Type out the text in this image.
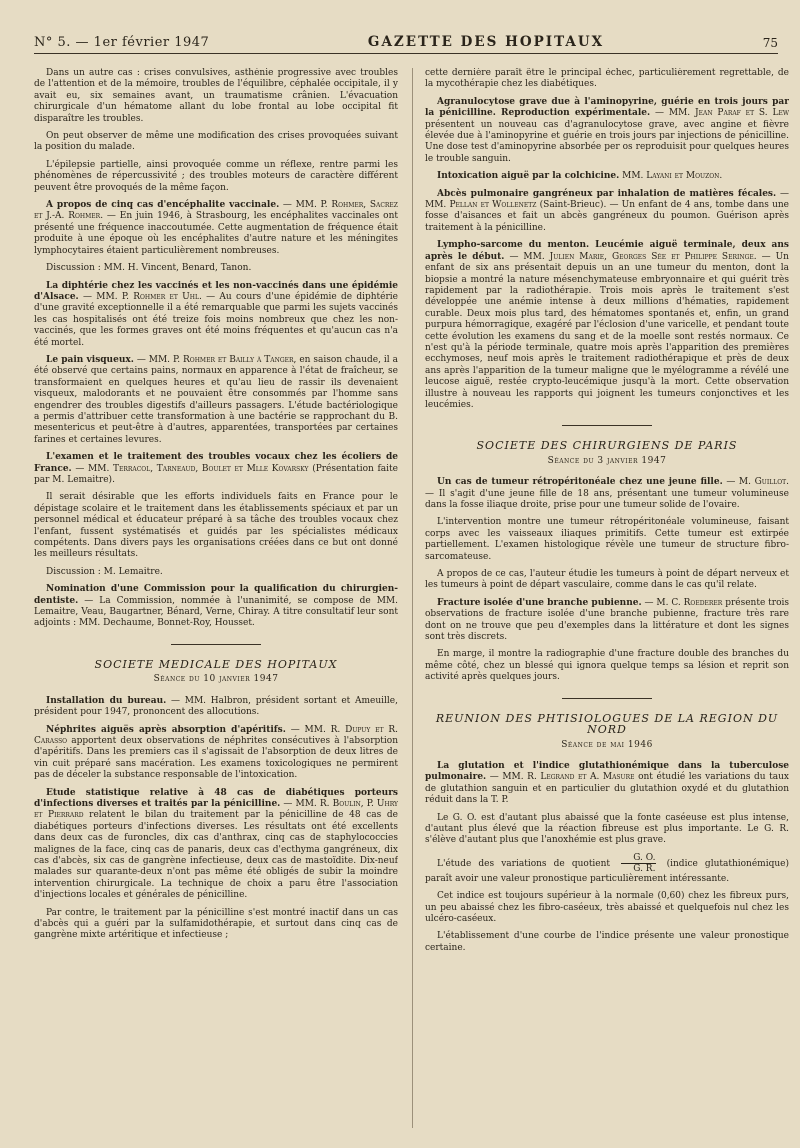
N° 5. — 1er février 1947	GAZETTE DES HOPITAUX	75

Dans un autre cas : crises convulsives, asthénie progressive avec troubles de l'attention et de la mémoire, troubles de l'équilibre, céphalée occipitale, il y avait eu, six semaines avant, un traumatisme crânien. L'évacuation chirurgicale d'un hématome allant du lobe frontal au lobe occipital fit disparaître les troubles.

On peut observer de même une modification des crises provoquées suivant la position du malade.

L'épilepsie partielle, ainsi provoquée comme un réflexe, rentre parmi les phénomènes de répercussivité ; des troubles moteurs de caractère différent peuvent être provoqués de la même façon.

A propos de cinq cas d'encéphalite vaccinale. — MM. P. Rohmer, Sacrez et J.-A. Rohmer. — En juin 1946, à Strasbourg, les encéphalites vaccinales ont présenté une fréquence inaccoutumée. Cette augmentation de fréquence était produite à une époque où les encéphalites d'autre nature et les méningites lymphocytaires étaient particulièrement nombreuses.

Discussion : MM. H. Vincent, Benard, Tanon.

La diphtérie chez les vaccinés et les non-vaccinés dans une épidémie d'Alsace. — MM. P. Rohmer et Uhl. — Au cours d'une épidémie de diphtérie d'une gravité exceptionnelle il a été remarquable que parmi les sujets vaccinés les cas hospitalisés ont été treize fois moins nombreux que chez les non-vaccinés, que les formes graves ont été moins fréquentes et qu'aucun cas n'a été mortel.

Le pain visqueux. — MM. P. Rohmer et Bailly à Tanger, en saison chaude, il a été observé que certains pains, normaux en apparence à l'état de fraîcheur, se transformaient en quelques heures et qu'au lieu de rassir ils devenaient visqueux, malodorants et ne pouvaient être consommés par l'homme sans engendrer des troubles digestifs d'ailleurs passagers. L'étude bactériologique a permis d'attribuer cette transformation à une bactérie se rapprochant du B. mesentericus et peut-être à d'autres, apparentées, transportées par certaines farines et certaines levures.

L'examen et le traitement des troubles vocaux chez les écoliers de France. — MM. Terracol, Tarneaud, Boulet et Mlle Kovarsky (Présentation faite par M. Lemaitre).

Il serait désirable que les efforts individuels faits en France pour le dépistage scolaire et le traitement dans les établissements spéciaux et par un personnel médical et éducateur préparé à sa tâche des troubles vocaux chez l'enfant, fussent systématisés et guidés par les spécialistes médicaux compétents. Dans divers pays les organisations créées dans ce but ont donné les meilleurs résultats.

Discussion : M. Lemaitre.

Nomination d'une Commission pour la qualification du chirurgien-dentiste. — La Commission, nommée à l'unanimité, se compose de MM. Lemaitre, Veau, Baugartner, Bénard, Verne, Chiray. A titre consultatif leur sont adjoints : MM. Dechaume, Bonnet-Roy, Housset.

SOCIETE MEDICALE DES HOPITAUX
Séance du 10 janvier 1947

Installation du bureau. — MM. Halbron, président sortant et Ameuille, président pour 1947, prononcent des allocutions.

Néphrites aiguës après absorption d'apéritifs. — MM. R. Dupuy et R. Carasso apportent deux observations de néphrites consécutives à l'absorption d'apéritifs. Dans les premiers cas il s'agissait de l'absorption de deux litres de vin cuit préparé sans macération. Les examens toxicologiques ne permirent pas de déceler la substance responsable de l'intoxication.

Etude statistique relative à 48 cas de diabétiques porteurs d'infections diverses et traités par la pénicilline. — MM. R. Boulin, P. Uhry et Pierrard relatent le bilan du traitement par la pénicilline de 48 cas de diabétiques porteurs d'infections diverses. Les résultats ont été excellents dans deux cas de furoncles, dix cas d'anthrax, cinq cas de staphylococcies malignes de la face, cinq cas de panaris, deux cas d'ecthyma gangréneux, dix cas d'abcès, six cas de gangrène infectieuse, deux cas de mastoïdite. Dix-neuf malades sur quarante-deux n'ont pas même été obligés de subir la moindre intervention chirurgicale. La technique de choix a paru être l'association d'injections locales et générales de pénicilline.

Par contre, le traitement par la pénicilline s'est montré inactif dans un cas d'abcès qui a guéri par la sulfamidothérapie, et surtout dans cinq cas de gangrène mixte artéritique et infectieuse ;

cette dernière paraît être le principal échec, particulièrement regrettable, de la mycothérapie chez les diabétiques.

Agranulocytose grave due à l'aminopyrine, guérie en trois jours par la pénicilline. Reproduction expérimentale. — MM. Jean Paraf et S. Lew présentent un nouveau cas d'agranulocytose grave, avec angine et fièvre élevée due à l'aminopyrine et guérie en trois jours par injections de pénicilline. Une dose test d'aminopyrine absorbée per os reproduisit pour quelques heures le trouble sanguin.

Intoxication aiguë par la colchicine. MM. Layani et Mouzon.

Abcès pulmonaire gangréneux par inhalation de matières fécales. — MM. Pellan et Wollenetz (Saint-Brieuc). — Un enfant de 4 ans, tombe dans une fosse d'aisances et fait un abcès gangréneux du poumon. Guérison après traitement à la pénicilline.

Lympho-sarcome du menton. Leucémie aiguë terminale, deux ans après le début. — MM. Julien Marie, Georges Sée et Philippe Seringe. — Un enfant de six ans présentait depuis un an une tumeur du menton, dont la biopsie a montré la nature mésenchymateuse embryonnaire et qui guérit très rapidement par la radiothérapie. Trois mois après le traitement s'est développée une anémie intense à deux millions d'hématies, rapidement curable. Deux mois plus tard, des hématomes spontanés et, enfin, un grand purpura hémorragique, exagéré par l'éclosion d'une varicelle, et pendant toute cette évolution les examens du sang et de la moelle sont restés normaux. Ce n'est qu'à la période terminale, quatre mois après l'apparition des premières ecchymoses, neuf mois après le traitement radiothérapique et près de deux ans après l'apparition de la tumeur maligne que le myélogramme a révélé une leucose aiguë, restée crypto-leucémique jusqu'à la mort. Cette observation illustre à nouveau les rapports qui joignent les tumeurs conjonctives et les leucémies.

SOCIETE DES CHIRURGIENS DE PARIS
Séance du 3 janvier 1947

Un cas de tumeur rétropéritonéale chez une jeune fille. — M. Guillot. — Il s'agit d'une jeune fille de 18 ans, présentant une tumeur volumineuse dans la fosse iliaque droite, prise pour une tumeur solide de l'ovaire.

L'intervention montre une tumeur rétropéritonéale volumineuse, faisant corps avec les vaisseaux iliaques primitifs. Cette tumeur est extirpée partiellement. L'examen histologique révèle une tumeur de structure fibro-sarcomateuse.

A propos de ce cas, l'auteur étudie les tumeurs à point de départ nerveux et les tumeurs à point de départ vasculaire, comme dans le cas qu'il relate.

Fracture isolée d'une branche pubienne. — M. C. Roederer présente trois observations de fracture isolée d'une branche pubienne, fracture très rare dont on ne trouve que peu d'exemples dans la littérature et dont les signes sont très discrets.

En marge, il montre la radiographie d'une fracture double des branches du même côté, chez un blessé qui ignora quelque temps sa lésion et reprit son activité après quelques jours.

REUNION DES PHTISIOLOGUES DE LA REGION DU NORD
Séance de mai 1946

La glutation et l'indice glutathionémique dans la tuberculose pulmonaire. — MM. R. Legrand et A. Masure ont étudié les variations du taux de glutathion sanguin et en particulier du glutathion oxydé et du glutathion réduit dans la T. P.

Le G. O. est d'autant plus abaissé que la fonte caséeuse est plus intense, d'autant plus élevé que la réaction fibreuse est plus importante. Le G. R. s'élève d'autant plus que l'anoxhémie est plus grave.

L'étude des variations de quotient $\frac{G. O.}{G. R.}$ (indice glutathionémique) paraît avoir une valeur pronostique particulièrement intéressante.

Cet indice est toujours supérieur à la normale (0,60) chez les fibreux purs, un peu abaissé chez les fibro-caséeux, très abaissé et quelquefois nul chez les ulcéro-caséeux.

L'établissement d'une courbe de l'indice présente une valeur pronostique certaine.
